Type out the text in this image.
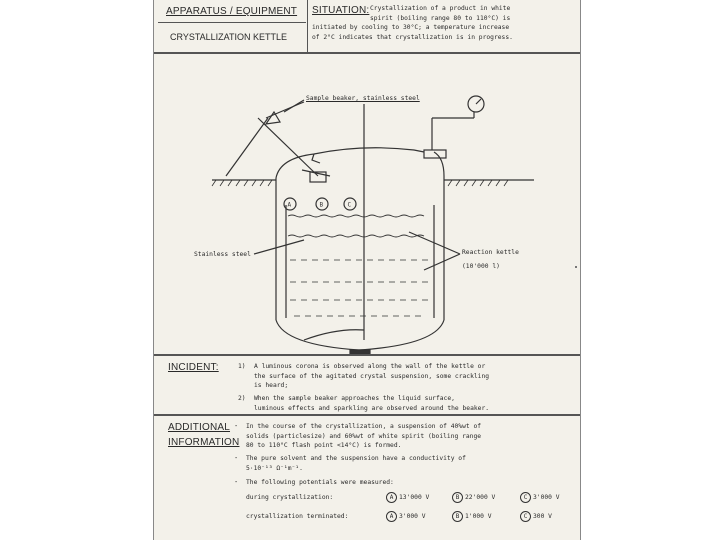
APPARATUS / EQUIPMENT
CRYSTALLIZATION KETTLE
SITUATION: Crystallization of a product in white
spirit (boiling range 80 to 110°C) is
initiated by cooling to 30°C; a temperature increase
of 2°C indicates that crystallization is in progress.
A	B	C
Sample beaker, stainless steel
Stainless steel	Reaction kettle
(10'000 l)
INCIDENT:	1) A luminous corona is observed along the wall of the kettle or
the surface of the agitated crystal suspension, some crackling
is heard;
2) When the sample beaker approaches the liquid surface,
luminous effects and sparkling are observed around the beaker.
ADDITIONAL
INFORMATION
- In the course of the crystallization, a suspension of 40%wt of
solids (particlesize) and 60%wt of white spirit (boiling range
80 to 110°C flash point <14°C) is formed.
- The pure solvent and the suspension have a conductivity of
5·10⁻¹³ Ω⁻¹m⁻¹.
- The following potentials were measured:
during crystallization:	A 13'000 V	B 22'000 V	C 3'000 V
crystallization terminated:	A 3'000 V	B 1'000 V	C 300 V
